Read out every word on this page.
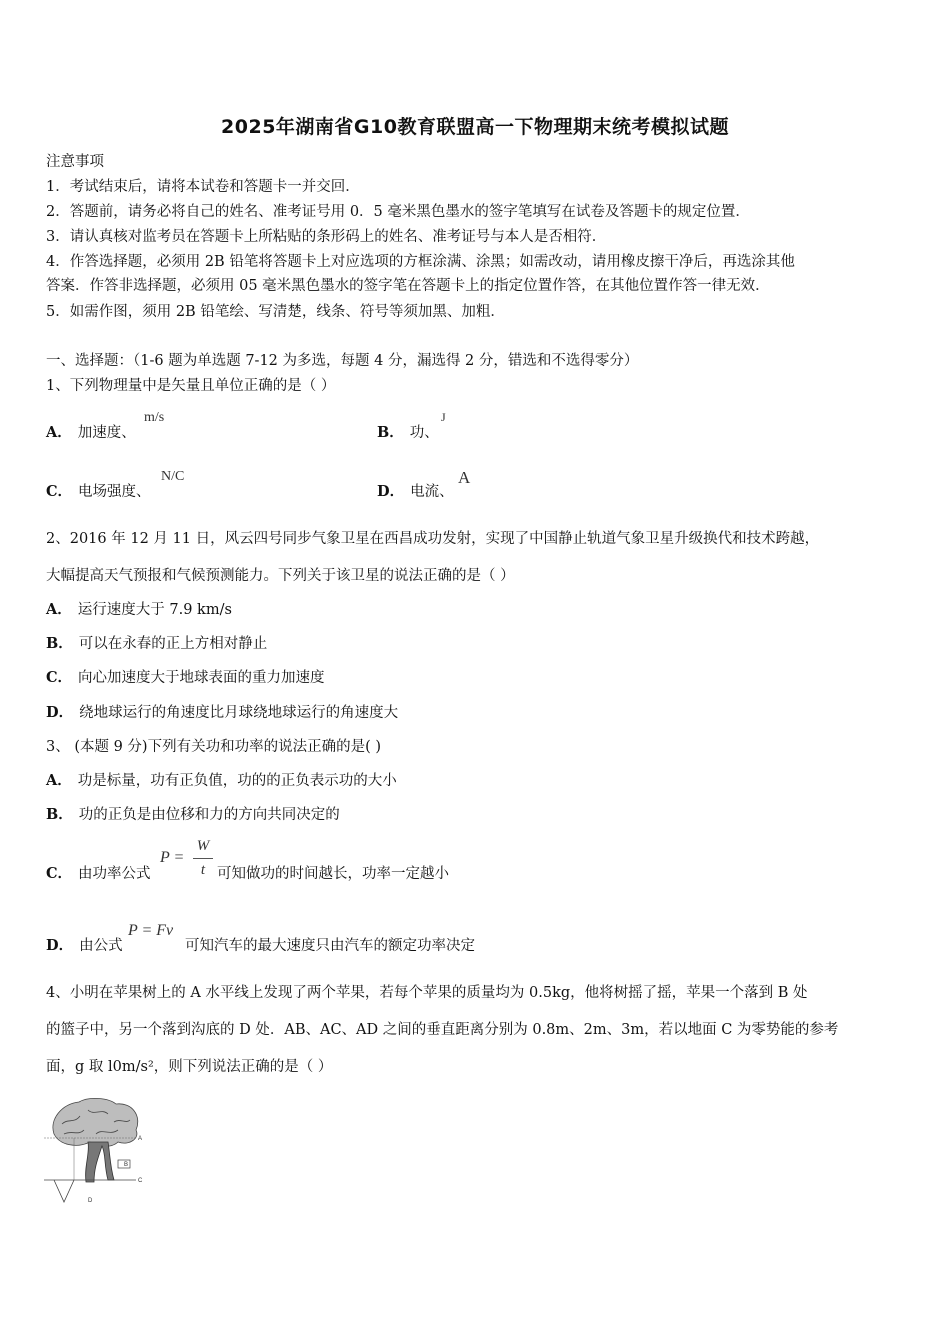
2025年湖南省G10教育联盟高一下物理期末统考模拟试题
注意事项
1．考试结束后，请将本试卷和答题卡一并交回．
2．答题前，请务必将自己的姓名、准考证号用 0．5 毫米黑色墨水的签字笔填写在试卷及答题卡的规定位置．
3．请认真核对监考员在答题卡上所粘贴的条形码上的姓名、准考证号与本人是否相符．
4．作答选择题，必须用 2B 铅笔将答题卡上对应选项的方框涂满、涂黑；如需改动，请用橡皮擦干净后，再选涂其他
答案．作答非选择题，必须用 05 毫米黑色墨水的签字笔在答题卡上的指定位置作答，在其他位置作答一律无效．
5．如需作图，须用 2B 铅笔绘、写清楚，线条、符号等须加黑、加粗．
一、选择题：（1-6 题为单选题 7-12 为多选，每题 4 分，漏选得 2 分，错选和不选得零分）
1、下列物理量中是矢量且单位正确的是（ ）
A． 加速度、
m/s
B． 功、
J
C． 电场强度、
N/C
D． 电流、
A
2、2016 年 12 月 11 日，风云四号同步气象卫星在西昌成功发射，实现了中国静止轨道气象卫星升级换代和技术跨越，
大幅提高天气预报和气候预测能力。下列关于该卫星的说法正确的是（ ）
A． 运行速度大于 7.9 km/s
B． 可以在永春的正上方相对静止
C． 向心加速度大于地球表面的重力加速度
D． 绕地球运行的角速度比月球绕地球运行的角速度大
3、 (本题 9 分)下列有关功和功率的说法正确的是( )
A． 功是标量，功有正负值，功的的正负表示功的大小
B． 功的正负是由位移和力的方向共同决定的
C． 由功率公式
P =
W
t 可知做功的时间越长，功率一定越小
D． 由公式
P = Fv
可知汽车的最大速度只由汽车的额定功率决定
4、小明在苹果树上的 A 水平线上发现了两个苹果，若每个苹果的质量均为 0.5kg，他将树摇了摇，苹果一个落到 B 处
的篮子中，另一个落到沟底的 D 处．AB、AC、AD 之间的垂直距离分别为 0.8m、2m、3m，若以地面 C 为零势能的参考
面，g 取 l0m/s²，则下列说法正确的是（ ）
A
B
C
D
